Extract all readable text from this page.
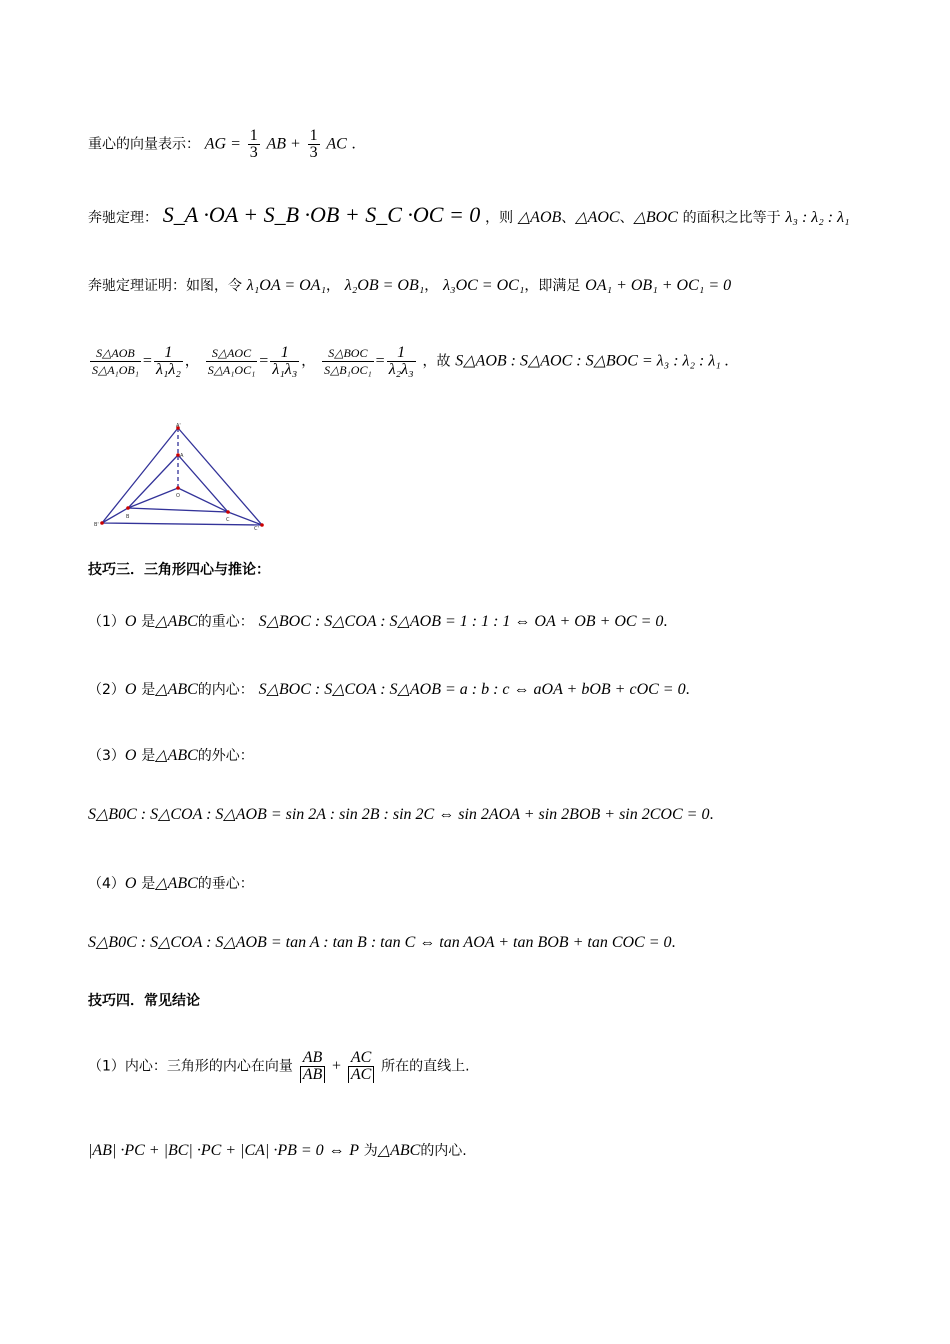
重心的向量表示： AG = $\frac{1}{3}$ AB + $\frac{1}{3}$ AC .
奔驰定理： S_A ·OA + S_B ·OB + S_C ·OC = 0 ，则 △AOB、△AOC、△BOC 的面积之比等于 λ₃ : λ₂ : λ₁
奔驰定理证明：如图，令 λ₁OA = OA₁， λ₂OB = OB₁， λ₃OC = OC₁，即满足 OA₁ + OB₁ + OC₁ = 0
$\frac{\text{S△AOB}}{\text{S△A₁OB₁}} = \frac{1}{\text{λ₁λ₂}}$ ， $\frac{\text{S△AOC}}{\text{S△A₁OC₁}} = \frac{1}{\text{λ₁λ₃}}$ ， $\frac{\text{S△BOC}}{\text{S△B₁OC₁}} = \frac{1}{\text{λ₂λ₃}}$ ，故 S△AOB : S△AOC : S△BOC = λ₃ : λ₂ : λ₁ .
A'
A
O
B'
B	C
C'
技巧三．三角形四心与推论：
（1）O 是△ABC的重心： S△BOC : S△COA : S△AOB = 1 : 1 : 1 ⇔ OA + OB + OC = 0.
（2）O 是△ABC的内心： S△BOC : S△COA : S△AOB = a : b : c ⇔ aOA + bOB + cOC = 0.
（3）O 是△ABC的外心：
S△B0C : S△COA : S△AOB = sin 2A : sin 2B : sin 2C ⇔ sin 2AOA + sin 2BOB + sin 2COC = 0.
（4）O 是△ABC的垂心：
S△B0C : S△COA : S△AOB = tan A : tan B : tan C ⇔ tan AOA + tan BOB + tan COC = 0.
技巧四．常见结论
（1）内心：三角形的内心在向量 $\frac{AB}{AB} + \frac{AC}{AC}$ 所在的直线上.
|AB| ·PC + |BC| ·PC + |CA| ·PB = 0 ⇔ P 为△ABC的内心.
